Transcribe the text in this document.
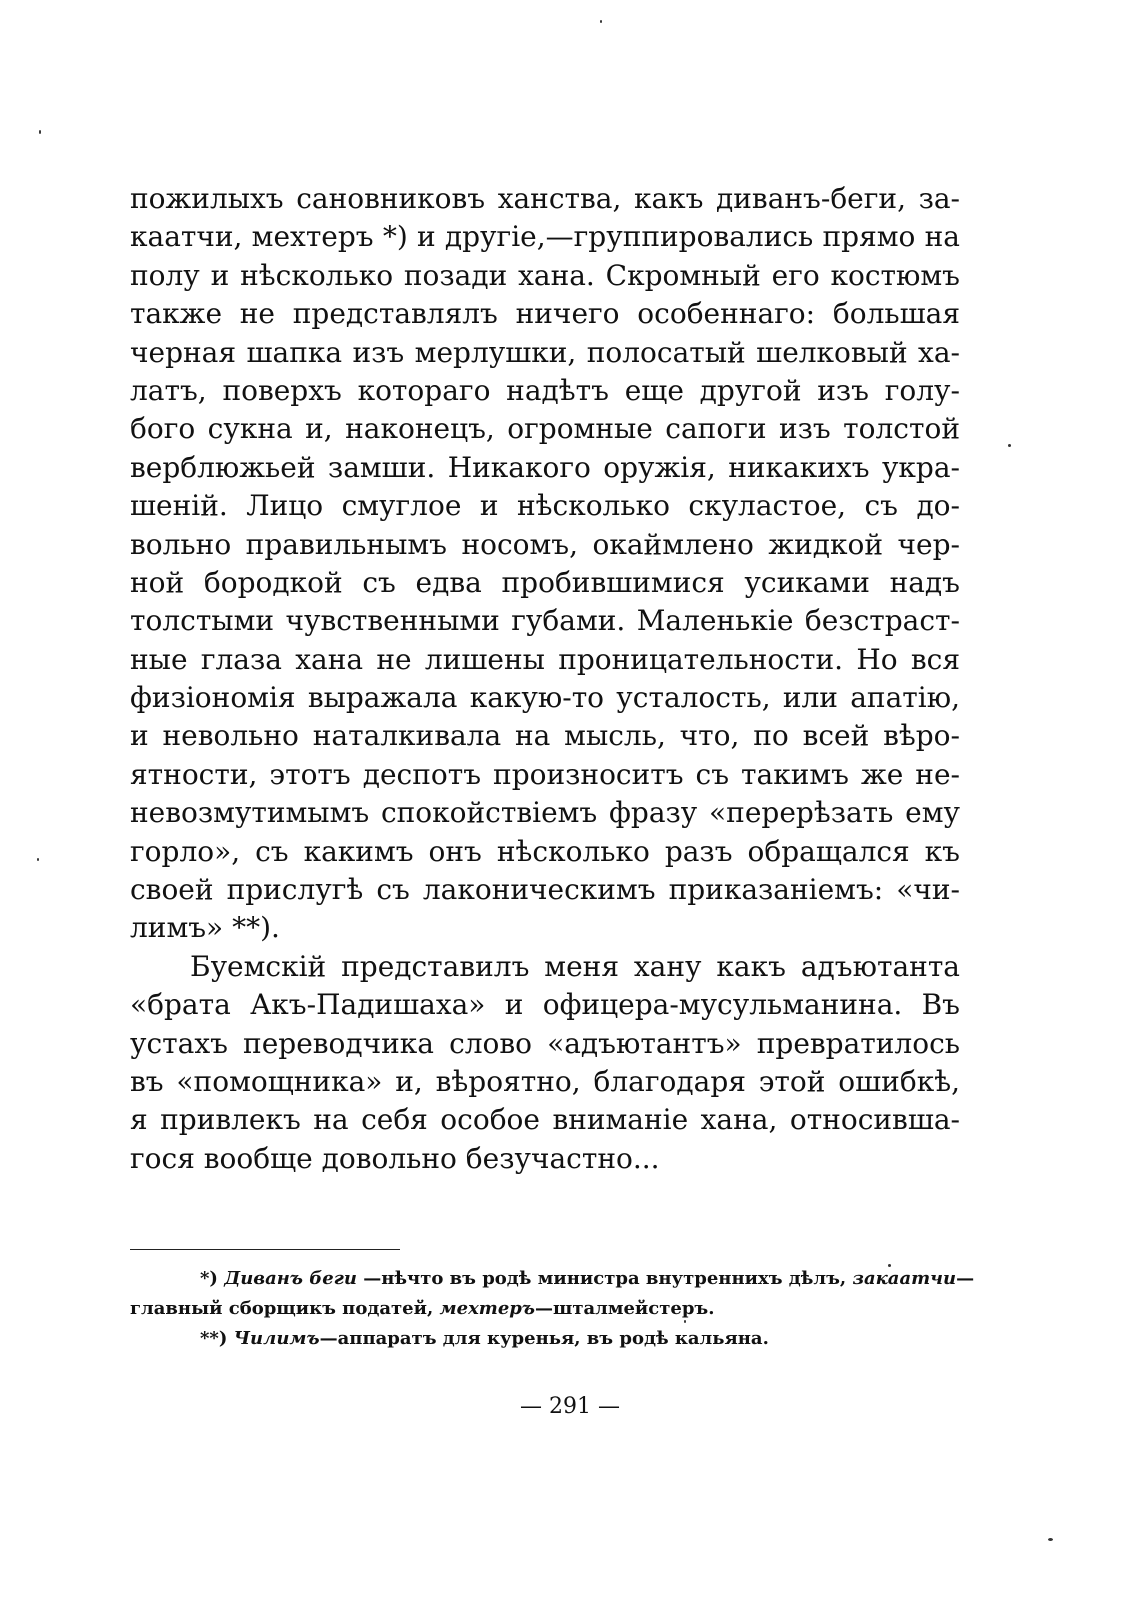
пожилыхъ сановниковъ ханства, какъ диванъ-беги, за-
каатчи, мехтеръ *) и другіе,—группировались прямо на
полу и нѣсколько позади хана. Скромный его костюмъ
также не представлялъ ничего особеннаго: большая
черная шапка изъ мерлушки, полосатый шелковый ха-
латъ, поверхъ котораго надѣтъ еще другой изъ голу-
бого сукна и, наконецъ, огромные сапоги изъ толстой
верблюжьей замши. Никакого оружія, никакихъ укра-
шеній. Лицо смуглое и нѣсколько скуластое, съ до-
вольно правильнымъ носомъ, окаймлено жидкой чер-
ной бородкой съ едва пробившимися усиками надъ
толстыми чувственными губами. Маленькіе безстраст-
ные глаза хана не лишены проницательности. Но вся
физіономія выражала какую-то усталость, или апатію,
и невольно наталкивала на мысль, что, по всей вѣро-
ятности, этотъ деспотъ произноситъ съ такимъ же не-
невозмутимымъ спокойствіемъ фразу «перерѣзать ему
горло», съ какимъ онъ нѣсколько разъ обращался къ
своей прислугѣ съ лаконическимъ приказаніемъ: «чи-
лимъ» **).
Буемскій представилъ меня хану какъ адъютанта
«брата Акъ-Падишаха» и офицера-мусульманина. Въ
устахъ переводчика слово «адъютантъ» превратилось
въ «помощника» и, вѣроятно, благодаря этой ошибкѣ,
я привлекъ на себя особое вниманіе хана, относивша-
гося вообще довольно безучастно...
*) Диванъ беги —нѣчто въ родѣ министра внутреннихъ дѣлъ, закаатчи—
главный сборщикъ податей, мехтеръ—шталмейстеръ.
**) Чилимъ—аппаратъ для куренья, въ родѣ кальяна.
— 291 —
